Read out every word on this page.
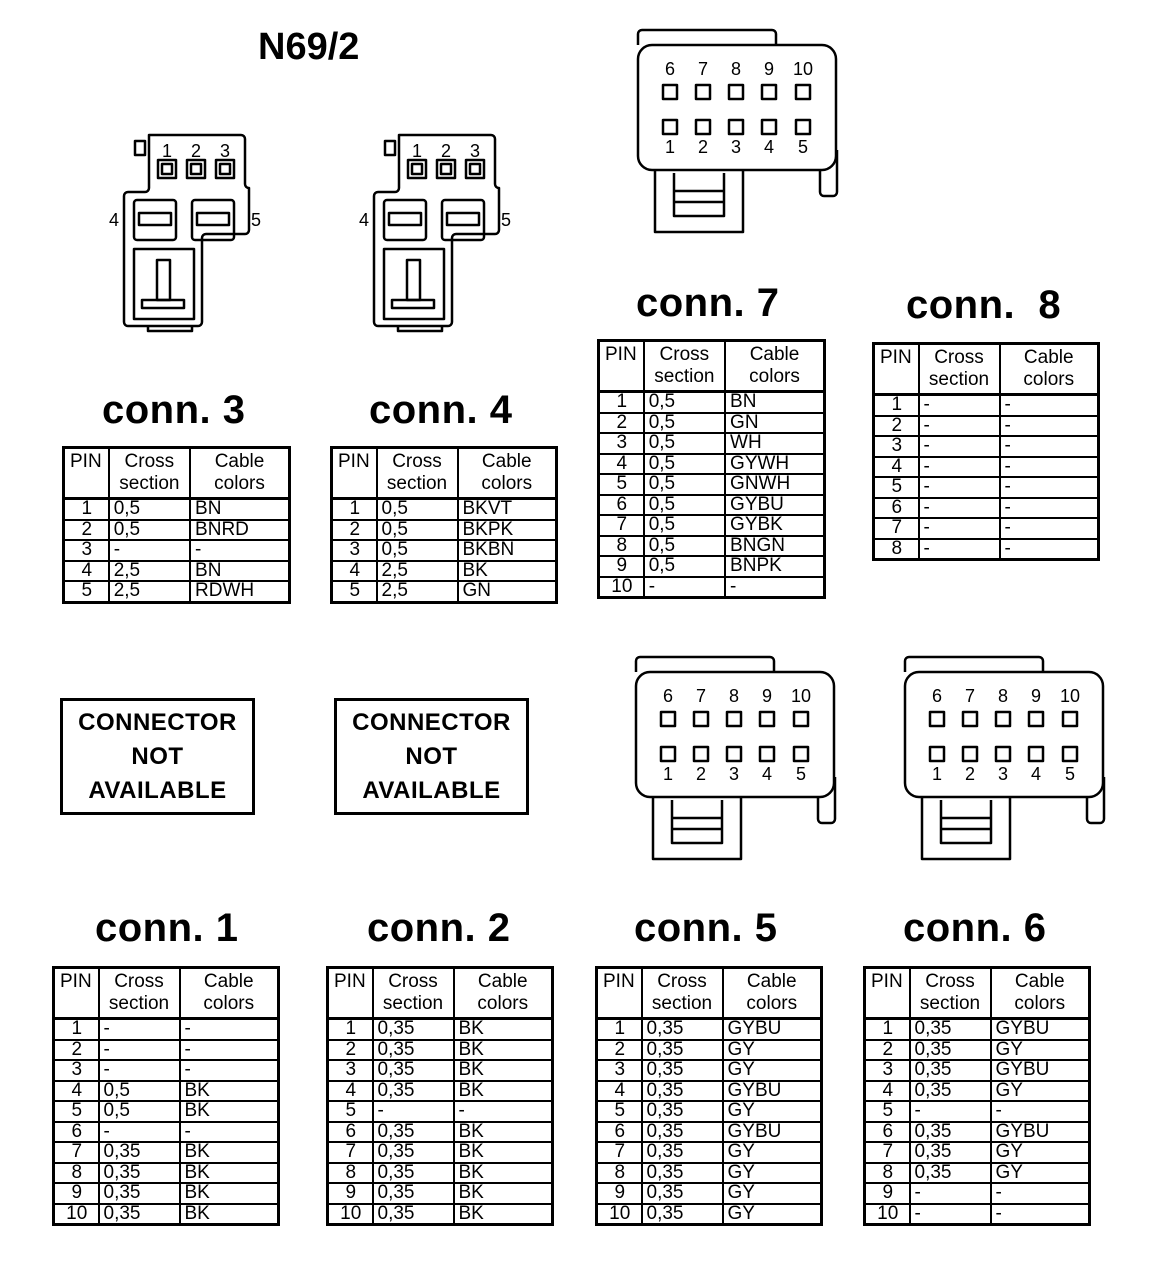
N69/2
1 2 3
4	5
1 2 3
4	5
6
1
7
2
8
3
9
4
10
5
6
1
7
2
8
3
9
4
10
5
6
1
7
2
8
3
9
4
10
5
conn. 3	conn. 4
conn. 7	conn.  8
conn. 1	conn. 2	conn. 5	conn. 6
PIN	Cross section	Cable colors
1	0,5	BN
2	0,5	BNRD
3	-	-
4	2,5	BN
5	2,5	RDWH
PIN	Cross section	Cable colors
1	0,5	BKVT
2	0,5	BKPK
3	0,5	BKBN
4	2,5	BK
5	2,5	GN
PIN	Cross section	Cable colors
1	0,5	BN
2	0,5	GN
3	0,5	WH
4	0,5	GYWH
5	0,5	GNWH
6	0,5	GYBU
7	0,5	GYBK
8	0,5	BNGN
9	0,5	BNPK
10	-	-
PIN	Cross section	Cable colors
1	-	-
2	-	-
3	-	-
4	-	-
5	-	-
6	-	-
7	-	-
8	-	-
PIN	Cross section	Cable colors
1	-	-
2	-	-
3	-	-
4	0,5	BK
5	0,5	BK
6	-	-
7	0,35	BK
8	0,35	BK
9	0,35	BK
10	0,35	BK
PIN	Cross section	Cable colors
1	0,35	BK
2	0,35	BK
3	0,35	BK
4	0,35	BK
5	-	-
6	0,35	BK
7	0,35	BK
8	0,35	BK
9	0,35	BK
10	0,35	BK
PIN	Cross section	Cable colors
1	0,35	GYBU
2	0,35	GY
3	0,35	GY
4	0,35	GYBU
5	0,35	GY
6	0,35	GYBU
7	0,35	GY
8	0,35	GY
9	0,35	GY
10	0,35	GY
PIN	Cross section	Cable colors
1	0,35	GYBU
2	0,35	GY
3	0,35	GYBU
4	0,35	GY
5	-	-
6	0,35	GYBU
7	0,35	GY
8	0,35	GY
9	-	-
10	-	-
CONNECTOR
NOT
AVAILABLE
CONNECTOR
NOT
AVAILABLE
